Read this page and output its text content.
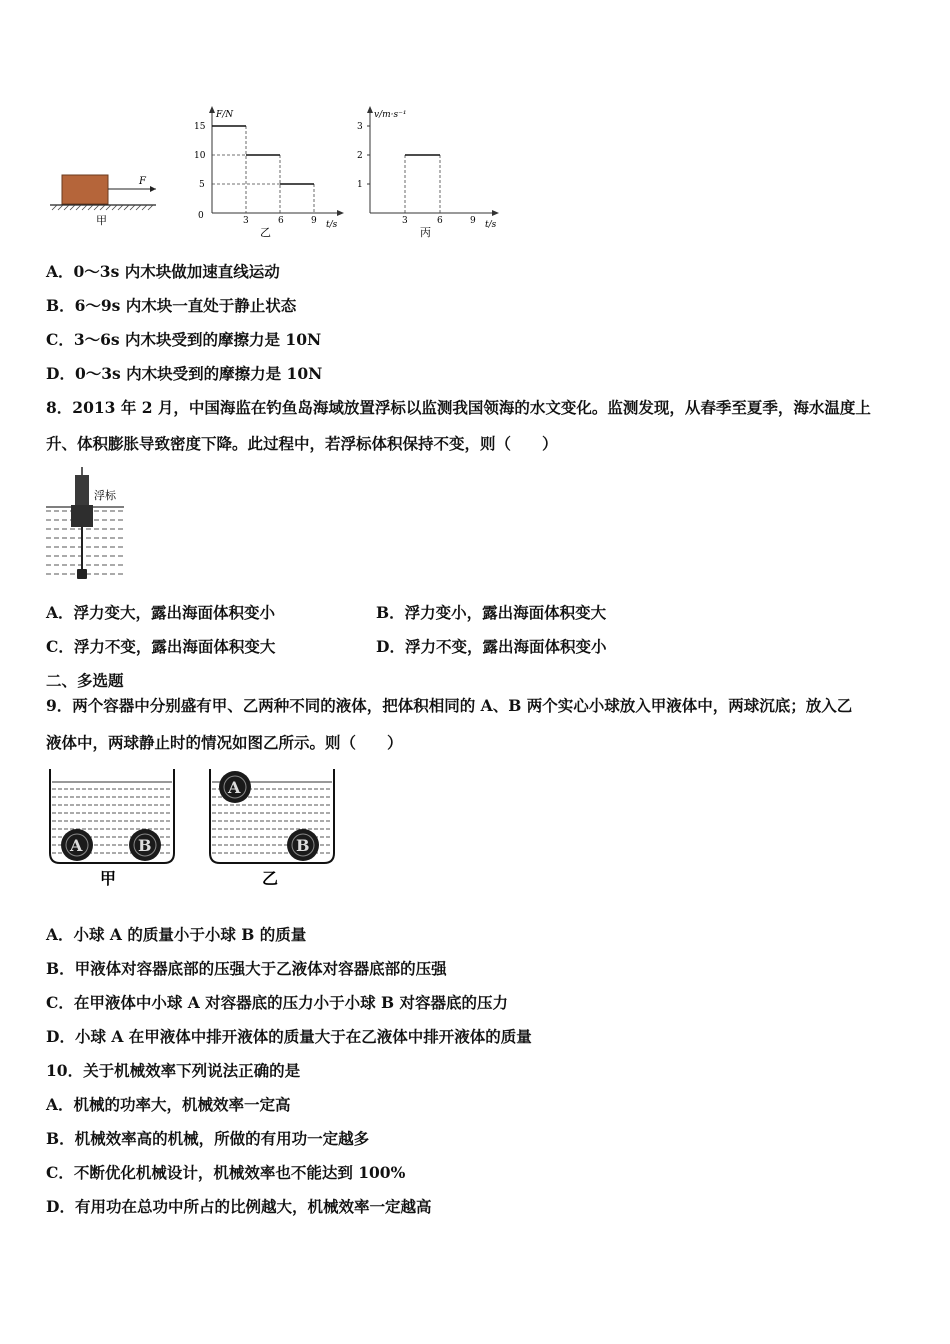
F
甲
F/N
t/s
0
5
10
15
3	6	9
乙
v/m·s⁻¹
t/s
1
2
3
3	6	9
丙
A．0～3s 内木块做加速直线运动
B．6～9s 内木块一直处于静止状态
C．3～6s 内木块受到的摩擦力是 10N
D．0～3s 内木块受到的摩擦力是 10N
8．2013 年 2 月，中国海监在钓鱼岛海域放置浮标以监测我国领海的水文变化。监测发现，从春季至夏季，海水温度上
升、体积膨胀导致密度下降。此过程中，若浮标体积保持不变，则（　　）
浮标
A．浮力变大，露出海面体积变小	B．浮力变小，露出海面体积变大
C．浮力不变，露出海面体积变大	D．浮力不变，露出海面体积变小
二、多选题
9．两个容器中分别盛有甲、乙两种不同的液体，把体积相同的 A、B 两个实心小球放入甲液体中，两球沉底；放入乙
液体中，两球静止时的情况如图乙所示。则（　　）
A	B
甲
A
B
乙
A．小球 A 的质量小于小球 B 的质量
B．甲液体对容器底部的压强大于乙液体对容器底部的压强
C．在甲液体中小球 A 对容器底的压力小于小球 B 对容器底的压力
D．小球 A 在甲液体中排开液体的质量大于在乙液体中排开液体的质量
10．关于机械效率下列说法正确的是
A．机械的功率大，机械效率一定高
B．机械效率高的机械，所做的有用功一定越多
C．不断优化机械设计，机械效率也不能达到 100%
D．有用功在总功中所占的比例越大，机械效率一定越高
